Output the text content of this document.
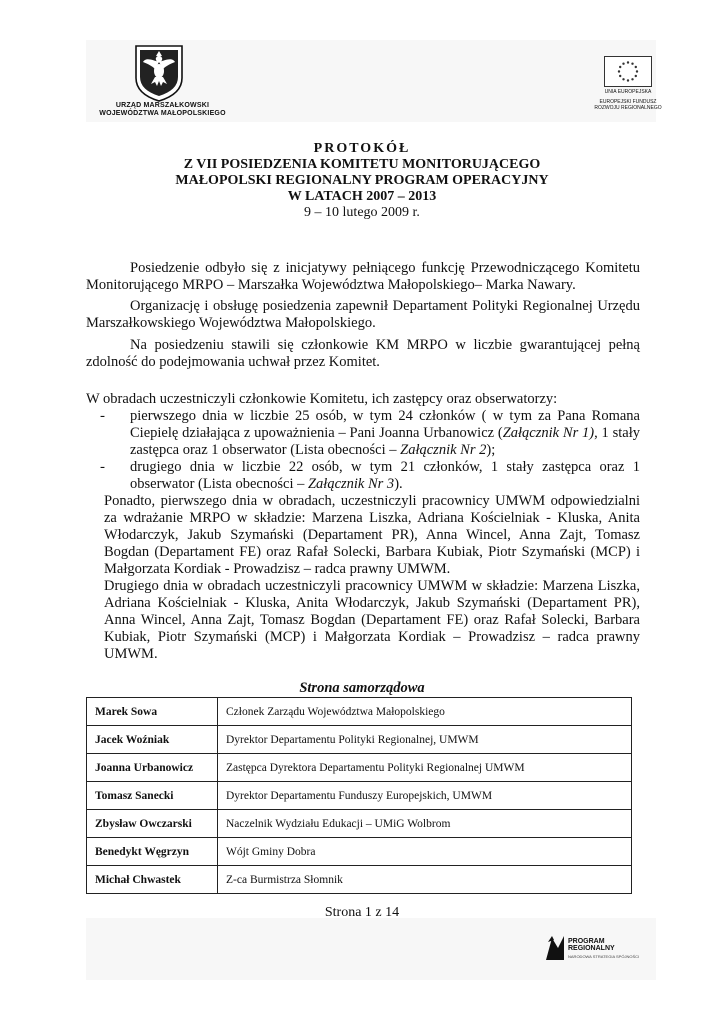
URZĄD MARSZAŁKOWSKI
WOJEWÓDZTWA MAŁOPOLSKIEGO
UNIA EUROPEJSKA
EUROPEJSKI FUNDUSZ
ROZWOJU REGIONALNEGO
PROTOKÓŁ
Z VII POSIEDZENIA KOMITETU MONITORUJĄCEGO
MAŁOPOLSKI REGIONALNY PROGRAM OPERACYJNY
W LATACH 2007 – 2013
9 – 10 lutego 2009 r.
Posiedzenie odbyło się z inicjatywy pełniącego funkcję Przewodniczącego Komitetu Monitorującego MRPO – Marszałka Województwa Małopolskiego– Marka Nawary.
Organizację i obsługę posiedzenia zapewnił Departament Polityki Regionalnej Urzędu Marszałkowskiego Województwa Małopolskiego.
Na posiedzeniu stawili się członkowie KM MRPO w liczbie gwarantującej pełną zdolność do podejmowania uchwał przez Komitet.
W obradach uczestniczyli członkowie Komitetu, ich zastępcy oraz obserwatorzy:
- pierwszego dnia w liczbie 25 osób, w tym 24 członków ( w tym za Pana Romana Ciepielę działająca z upoważnienia – Pani Joanna Urbanowicz (Załącznik Nr 1), 1 stały zastępca oraz 1 obserwator (Lista obecności – Załącznik Nr 2);
- drugiego dnia w liczbie 22 osób, w tym 21 członków, 1 stały zastępca oraz 1 obserwator (Lista obecności – Załącznik Nr 3).
Ponadto, pierwszego dnia w obradach, uczestniczyli pracownicy UMWM odpowiedzialni za wdrażanie MRPO w składzie: Marzena Liszka, Adriana Kościelniak - Kluska, Anita Włodarczyk, Jakub Szymański (Departament PR), Anna Wincel, Anna Zajt, Tomasz Bogdan (Departament FE) oraz Rafał Solecki, Barbara Kubiak, Piotr Szymański (MCP) i Małgorzata Kordiak - Prowadzisz – radca prawny UMWM.
Drugiego dnia w obradach uczestniczyli pracownicy UMWM w składzie: Marzena Liszka, Adriana Kościelniak - Kluska, Anita Włodarczyk, Jakub Szymański (Departament PR), Anna Wincel, Anna Zajt, Tomasz Bogdan (Departament FE) oraz Rafał Solecki, Barbara Kubiak, Piotr Szymański (MCP) i Małgorzata Kordiak – Prowadzisz – radca prawny UMWM.
Strona samorządowa
Marek Sowa	Członek Zarządu Województwa Małopolskiego
Jacek Woźniak	Dyrektor Departamentu Polityki Regionalnej, UMWM
Joanna Urbanowicz	Zastępca Dyrektora Departamentu Polityki Regionalnej UMWM
Tomasz Sanecki	Dyrektor Departamentu Funduszy Europejskich, UMWM
Zbysław Owczarski	Naczelnik Wydziału Edukacji – UMiG Wolbrom
Benedykt Węgrzyn	Wójt Gminy Dobra
Michał Chwastek	Z-ca Burmistrza Słomnik
Strona 1 z 14
PROGRAM
REGIONALNY
NARODOWA STRATEGIA SPÓJNOŚCI
